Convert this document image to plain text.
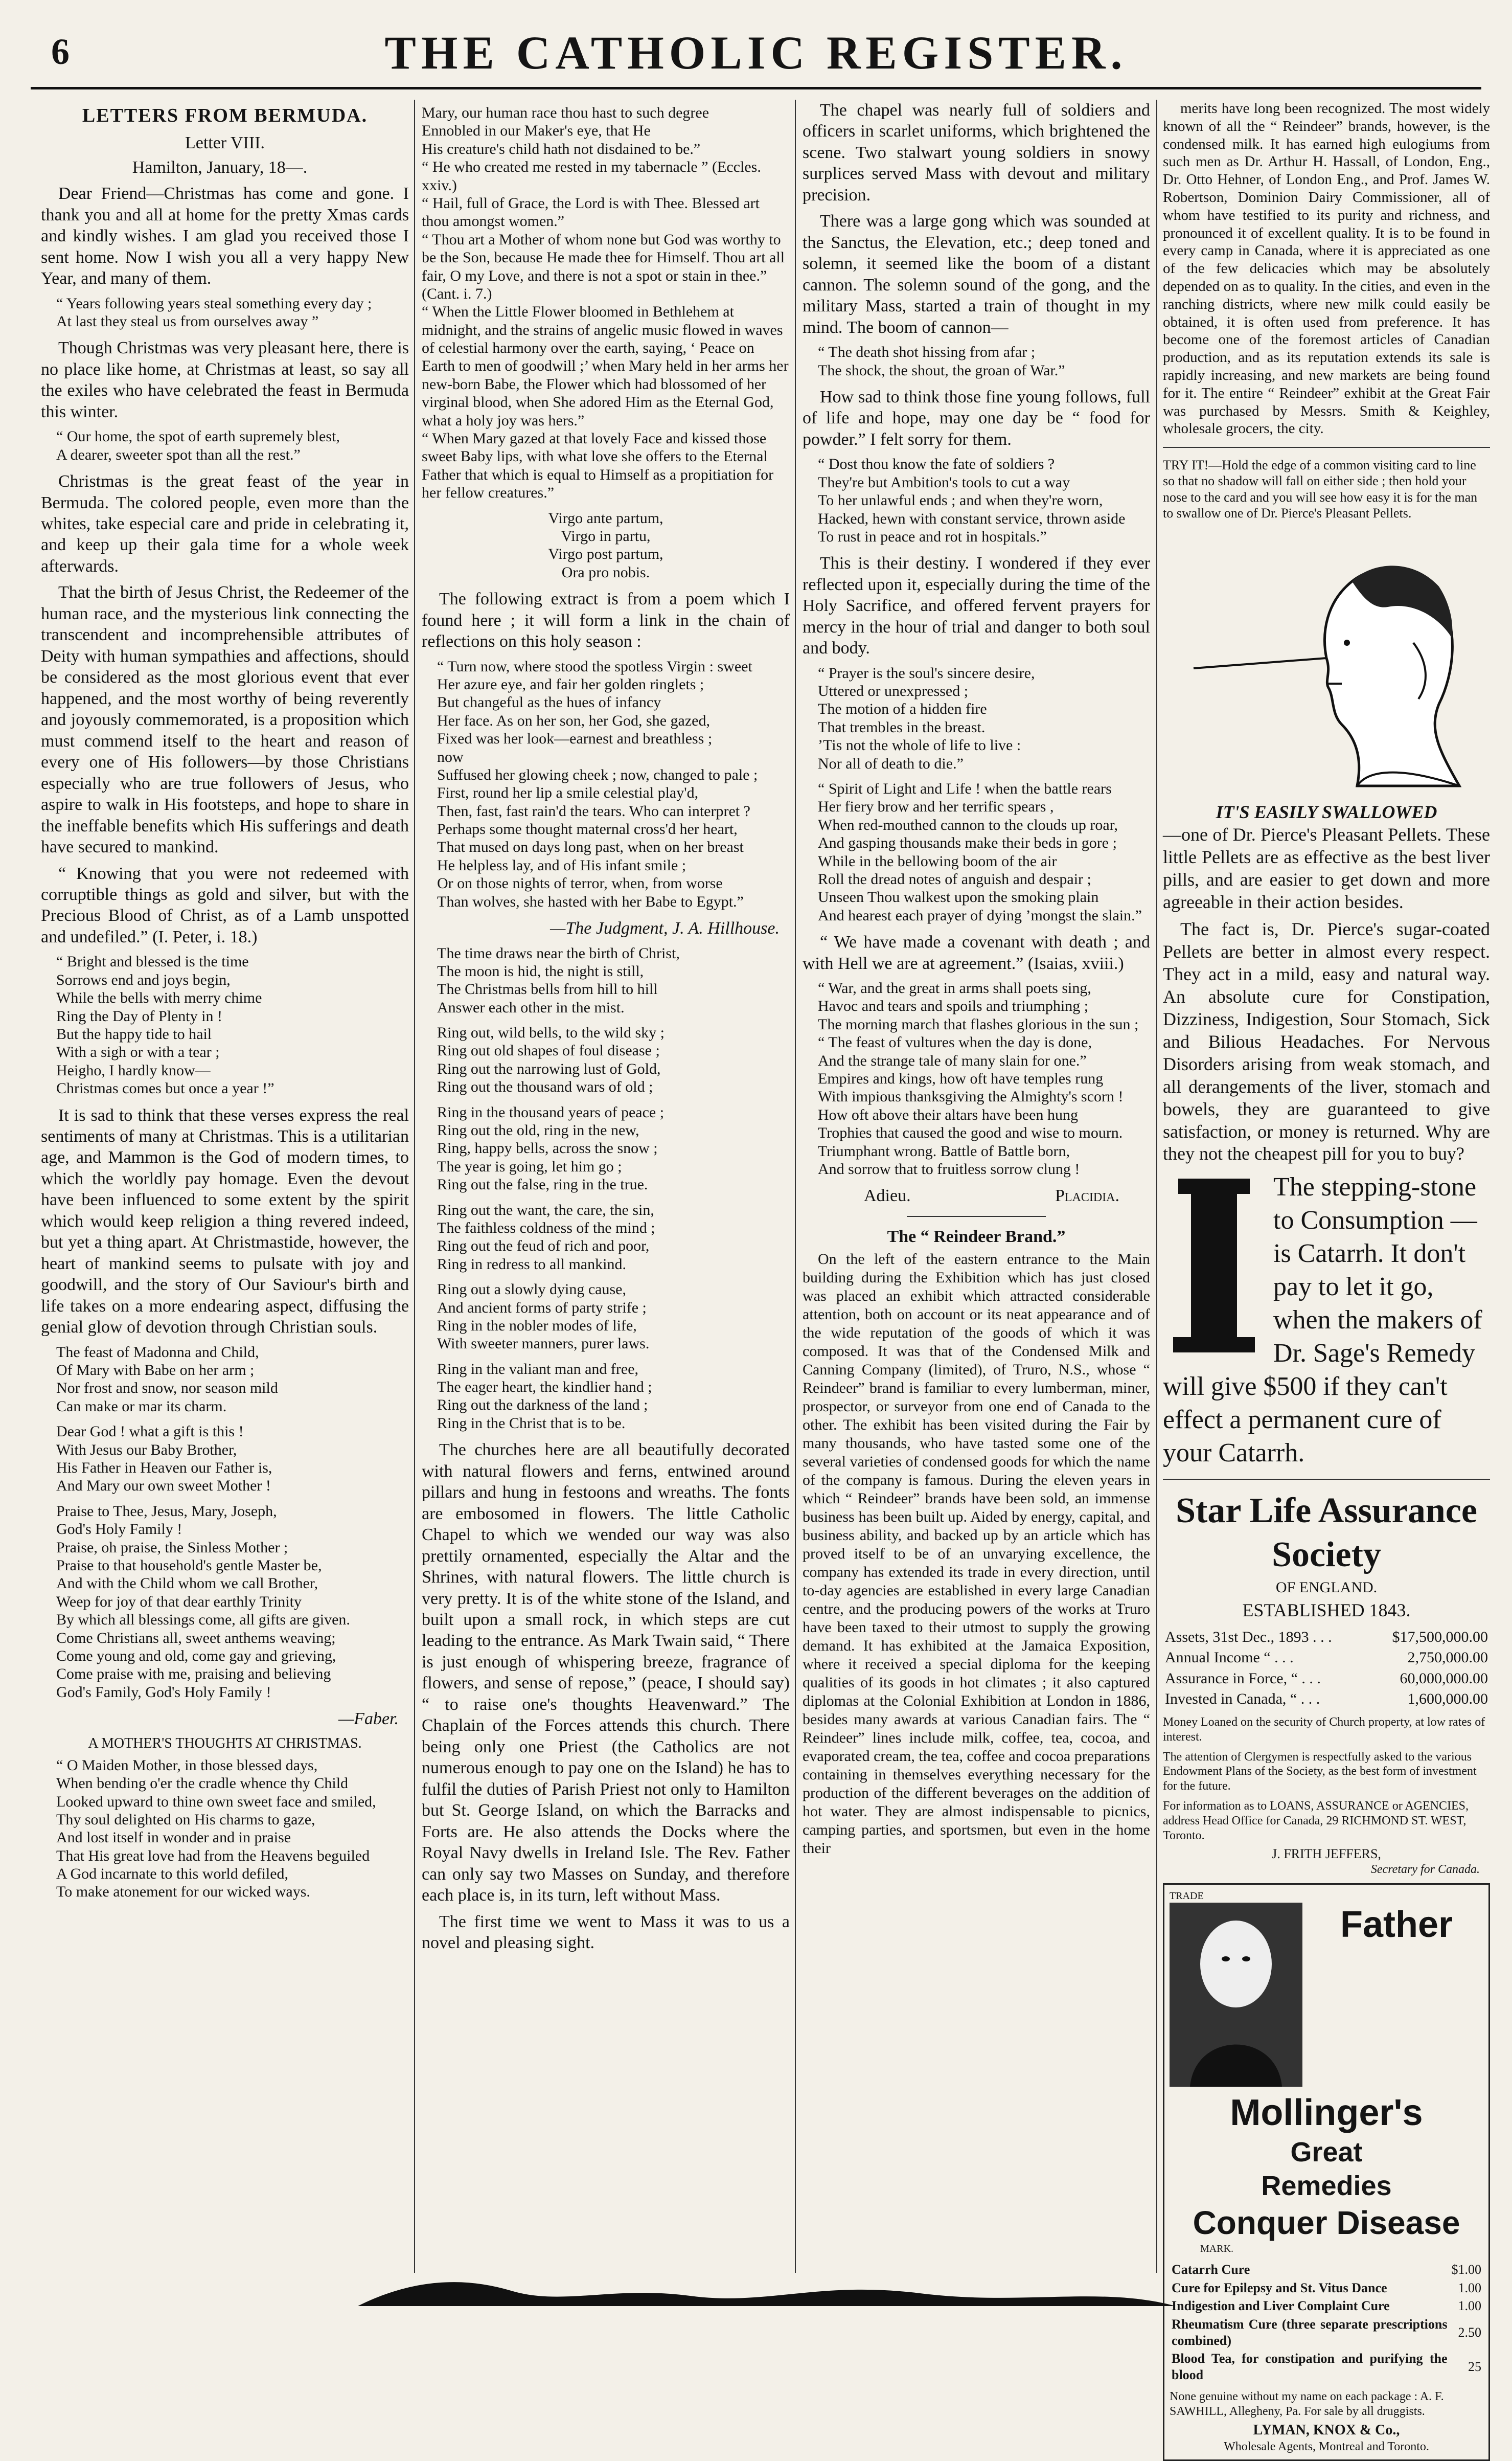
6	THE CATHOLIC REGISTER.
LETTERS FROM BERMUDA.
Letter VIII.
Hamilton, January, 18—.

Dear Friend—Christmas has come and gone. I thank you and all at home for the pretty Xmas cards and kindly wishes. I am glad you received those I sent home. Now I wish you all a very happy New Year, and many of them.

“ Years following years steal something every day ;
At last they steal us from ourselves away ”

Though Christmas was very pleasant here, there is no place like home, at Christmas at least, so say all the exiles who have celebrated the feast in Bermuda this winter.

“ Our home, the spot of earth supremely blest,
A dearer, sweeter spot than all the rest.”

Christmas is the great feast of the year in Bermuda. The colored people, even more than the whites, take especial care and pride in celebrating it, and keep up their gala time for a whole week afterwards.

That the birth of Jesus Christ, the Redeemer of the human race, and the mysterious link connecting the transcendent and incomprehensible attributes of Deity with human sympathies and affections, should be considered as the most glorious event that ever happened, and the most worthy of being reverently and joyously commemorated, is a proposition which must commend itself to the heart and reason of every one of His followers—by those Christians especially who are true followers of Jesus, who aspire to walk in His footsteps, and hope to share in the ineffable benefits which His sufferings and death have secured to mankind.

“ Knowing that you were not redeemed with corruptible things as gold and silver, but with the Precious Blood of Christ, as of a Lamb unspotted and undefiled.” (I. Peter, i. 18.)

“ Bright and blessed is the time
Sorrows end and joys begin,
While the bells with merry chime
Ring the Day of Plenty in !
But the happy tide to hail
With a sigh or with a tear ;
Heigho, I hardly know—
Christmas comes but once a year !”

It is sad to think that these verses express the real sentiments of many at Christmas. This is a utilitarian age, and Mammon is the God of modern times, to which the worldly pay homage. Even the devout have been influenced to some extent by the spirit which would keep religion a thing revered indeed, but yet a thing apart. At Christmastide, however, the heart of mankind seems to pulsate with joy and goodwill, and the story of Our Saviour's birth and life takes on a more endearing aspect, diffusing the genial glow of devotion through Christian souls.

The feast of Madonna and Child,
Of Mary with Babe on her arm ;
Nor frost and snow, nor season mild
Can make or mar its charm.
Dear God ! what a gift is this !
With Jesus our Baby Brother,
His Father in Heaven our Father is,
And Mary our own sweet Mother !
Praise to Thee, Jesus, Mary, Joseph,
God's Holy Family !
Praise, oh praise, the Sinless Mother ;
Praise to that household's gentle Master be,
And with the Child whom we call Brother,
Weep for joy of that dear earthly Trinity
By which all blessings come, all gifts are given.
Come Christians all, sweet anthems weaving;
Come young and old, come gay and grieving,
Come praise with me, praising and believing
God's Family, God's Holy Family !
—Faber.
A MOTHER'S THOUGHTS AT CHRISTMAS.
“ O Maiden Mother, in those blessed days,
When bending o'er the cradle whence thy Child
Looked upward to thine own sweet face and smiled,
Thy soul delighted on His charms to gaze,
And lost itself in wonder and in praise
That His great love had from the Heavens beguiled
A God incarnate to this world defiled,
To make atonement for our wicked ways.
Mary, our human race thou hast to such degree
Ennobled in our Maker's eye, that He
His creature's child hath not disdained to be.”
“ He who created me rested in my tabernacle ” (Eccles. xxiv.)
“ Hail, full of Grace, the Lord is with Thee. Blessed art thou amongst women.”
“ Thou art a Mother of whom none but God was worthy to be the Son, because He made thee for Himself. Thou art all fair, O my Love, and there is not a spot or stain in thee.” (Cant. i. 7.)
“ When the Little Flower bloomed in Bethlehem at midnight, and the strains of angelic music flowed in waves of celestial harmony over the earth, saying, ‘ Peace on Earth to men of goodwill ;’ when Mary held in her arms her new-born Babe, the Flower which had blossomed of her virginal blood, when She adored Him as the Eternal God, what a holy joy was hers.”
“ When Mary gazed at that lovely Face and kissed those sweet Baby lips, with what love she offers to the Eternal Father that which is equal to Himself as a propitiation for her fellow creatures.”
Virgo ante partum,
Virgo in partu,
Virgo post partum,
Ora pro nobis.

The following extract is from a poem which I found here ; it will form a link in the chain of reflections on this holy season :

“ Turn now, where stood the spotless Virgin : sweet
Her azure eye, and fair her golden ringlets ;
But changeful as the hues of infancy
Her face. As on her son, her God, she gazed,
Fixed was her look—earnest and breathless ;
now
Suffused her glowing cheek ; now, changed to pale ;
First, round her lip a smile celestial play'd,
Then, fast, fast rain'd the tears. Who can interpret ?
Perhaps some thought maternal cross'd her heart,
That mused on days long past, when on her breast
He helpless lay, and of His infant smile ;
Or on those nights of terror, when, from worse
Than wolves, she hasted with her Babe to Egypt.”
—The Judgment, J. A. Hillhouse.
The time draws near the birth of Christ,
The moon is hid, the night is still,
The Christmas bells from hill to hill
Answer each other in the mist.
Ring out, wild bells, to the wild sky ;
Ring out old shapes of foul disease ;
Ring out the narrowing lust of Gold,
Ring out the thousand wars of old ;
Ring in the thousand years of peace ;
Ring out the old, ring in the new,
Ring, happy bells, across the snow ;
The year is going, let him go ;
Ring out the false, ring in the true.
Ring out the want, the care, the sin,
The faithless coldness of the mind ;
Ring out the feud of rich and poor,
Ring in redress to all mankind.
Ring out a slowly dying cause,
And ancient forms of party strife ;
Ring in the nobler modes of life,
With sweeter manners, purer laws.
Ring in the valiant man and free,
The eager heart, the kindlier hand ;
Ring out the darkness of the land ;
Ring in the Christ that is to be.

The churches here are all beautifully decorated with natural flowers and ferns, entwined around pillars and hung in festoons and wreaths. The fonts are embosomed in flowers. The little Catholic Chapel to which we wended our way was also prettily ornamented, especially the Altar and the Shrines, with natural flowers. The little church is very pretty. It is of the white stone of the Island, and built upon a small rock, in which steps are cut leading to the entrance. As Mark Twain said, “ There is just enough of whispering breeze, fragrance of flowers, and sense of repose,” (peace, I should say) “ to raise one's thoughts Heavenward.” The Chaplain of the Forces attends this church. There being only one Priest (the Catholics are not numerous enough to pay one on the Island) he has to fulfil the duties of Parish Priest not only to Hamilton but St. George Island, on which the Barracks and Forts are. He also attends the Docks where the Royal Navy dwells in Ireland Isle. The Rev. Father can only say two Masses on Sunday, and therefore each place is, in its turn, left without Mass.

The first time we went to Mass it was to us a novel and pleasing sight.

The chapel was nearly full of soldiers and officers in scarlet uniforms, which brightened the scene. Two stalwart young soldiers in snowy surplices served Mass with devout and military precision.

There was a large gong which was sounded at the Sanctus, the Elevation, etc.; deep toned and solemn, it seemed like the boom of a distant cannon. The solemn sound of the gong, and the military Mass, started a train of thought in my mind. The boom of cannon—

“ The death shot hissing from afar ;
The shock, the shout, the groan of War.”

How sad to think those fine young follows, full of life and hope, may one day be “ food for powder.” I felt sorry for them.

“ Dost thou know the fate of soldiers ?
They're but Ambition's tools to cut a way
To her unlawful ends ; and when they're worn,
Hacked, hewn with constant service, thrown aside
To rust in peace and rot in hospitals.”

This is their destiny. I wondered if they ever reflected upon it, especially during the time of the Holy Sacrifice, and offered fervent prayers for mercy in the hour of trial and danger to both soul and body.

“ Prayer is the soul's sincere desire,
Uttered or unexpressed ;
The motion of a hidden fire
That trembles in the breast.
’Tis not the whole of life to live :
Nor all of death to die.”
“ Spirit of Light and Life ! when the battle rears
Her fiery brow and her terrific spears ,
When red-mouthed cannon to the clouds up roar,
And gasping thousands make their beds in gore ;
While in the bellowing boom of the air
Roll the dread notes of anguish and despair ;
Unseen Thou walkest upon the smoking plain
And hearest each prayer of dying ’mongst the slain.”

“ We have made a covenant with death ; and with Hell we are at agreement.” (Isaias, xviii.)

“ War, and the great in arms shall poets sing,
Havoc and tears and spoils and triumphing ;
The morning march that flashes glorious in the sun ;
“ The feast of vultures when the day is done,
And the strange tale of many slain for one.”
Empires and kings, how oft have temples rung
With impious thanksgiving the Almighty's scorn !
How oft above their altars have been hung
Trophies that caused the good and wise to mourn.
Triumphant wrong. Battle of Battle born,
And sorrow that to fruitless sorrow clung !
Adieu.	Placidia.
The “ Reindeer Brand.”

On the left of the eastern entrance to the Main building during the Exhibition which has just closed was placed an exhibit which attracted considerable attention, both on account or its neat appearance and of the wide reputation of the goods of which it was composed. It was that of the Condensed Milk and Canning Company (limited), of Truro, N.S., whose “ Reindeer” brand is familiar to every lumberman, miner, prospector, or surveyor from one end of Canada to the other. The exhibit has been visited during the Fair by many thousands, who have tasted some one of the several varieties of condensed goods for which the name of the company is famous. During the eleven years in which “ Reindeer” brands have been sold, an immense business has been built up. Aided by energy, capital, and business ability, and backed up by an article which has proved itself to be of an unvarying excellence, the company has extended its trade in every direction, until to-day agencies are established in every large Canadian centre, and the producing powers of the works at Truro have been taxed to their utmost to supply the growing demand. It has exhibited at the Jamaica Exposition, where it received a special diploma for the keeping qualities of its goods in hot climates ; it also captured diplomas at the Colonial Exhibition at London in 1886, besides many awards at various Canadian fairs. The “ Reindeer” lines include milk, coffee, tea, cocoa, and evaporated cream, the tea, coffee and cocoa preparations containing in themselves everything necessary for the production of the different beverages on the addition of hot water. They are almost indispensable to picnics, camping parties, and sportsmen, but even in the home their

merits have long been recognized. The most widely known of all the “ Reindeer” brands, however, is the condensed milk. It has earned high eulogiums from such men as Dr. Arthur H. Hassall, of London, Eng., Dr. Otto Hehner, of London Eng., and Prof. James W. Robertson, Dominion Dairy Commissioner, all of whom have testified to its purity and richness, and pronounced it of excellent quality. It is to be found in every camp in Canada, where it is appreciated as one of the few delicacies which may be absolutely depended on as to quality. In the cities, and even in the ranching districts, where new milk could easily be obtained, it is often used from preference. It has become one of the foremost articles of Canadian production, and as its reputation extends its sale is rapidly increasing, and new markets are being found for it. The entire “ Reindeer” exhibit at the Great Fair was purchased by Messrs. Smith & Keighley, wholesale grocers, the city.

TRY IT!—Hold the edge of a common visiting card to line so that no shadow will fall on either side ; then hold your nose to the card and you will see how easy it is for the man to swallow one of Dr. Pierce's Pleasant Pellets.

IT'S EASILY SWALLOWED

—one of Dr. Pierce's Pleasant Pellets. These little Pellets are as effective as the best liver pills, and are easier to get down and more agreeable in their action besides.

The fact is, Dr. Pierce's sugar-coated Pellets are better in almost every respect. They act in a mild, easy and natural way. An absolute cure for Constipation, Dizziness, Indigestion, Sour Stomach, Sick and Bilious Headaches. For Nervous Disorders arising from weak stomach, and all derangements of the liver, stomach and bowels, they are guaranteed to give satisfaction, or money is returned. Why are they not the cheapest pill for you to buy?

The stepping-stone to Consumption — is Catarrh. It don't pay to let it go, when the makers of Dr. Sage's Remedy will give $500 if they can't effect a permanent cure of your Catarrh.
Star Life Assurance Society
OF ENGLAND.
ESTABLISHED 1843.
Assets, 31st Dec., 1893 . . .	$17,500,000.00
Annual Income “ . . .	2,750,000.00
Assurance in Force, “ . . .	60,000,000.00
Invested in Canada, “ . . .	1,600,000.00
Money Loaned on the security of Church property, at low rates of interest.
The attention of Clergymen is respectfully asked to the various Endowment Plans of the Society, as the best form of investment for the future.
For information as to LOANS, ASSURANCE or AGENCIES, address Head Office for Canada, 29 RICHMOND ST. WEST, Toronto.
J. FRITH JEFFERS,
Secretary for Canada.
TRADE
Father Mollinger's
Great
Remedies
Conquer Disease
MARK.
Catarrh Cure	$1.00
Cure for Epilepsy and St. Vitus Dance	1.00
Indigestion and Liver Complaint Cure	1.00
Rheumatism Cure (three separate prescriptions combined)	2.50
Blood Tea, for constipation and purifying the blood	25
None genuine without my name on each package : A. F. SAWHILL, Allegheny, Pa. For sale by all druggists.
LYMAN, KNOX & Co.,
Wholesale Agents, Montreal and Toronto.
